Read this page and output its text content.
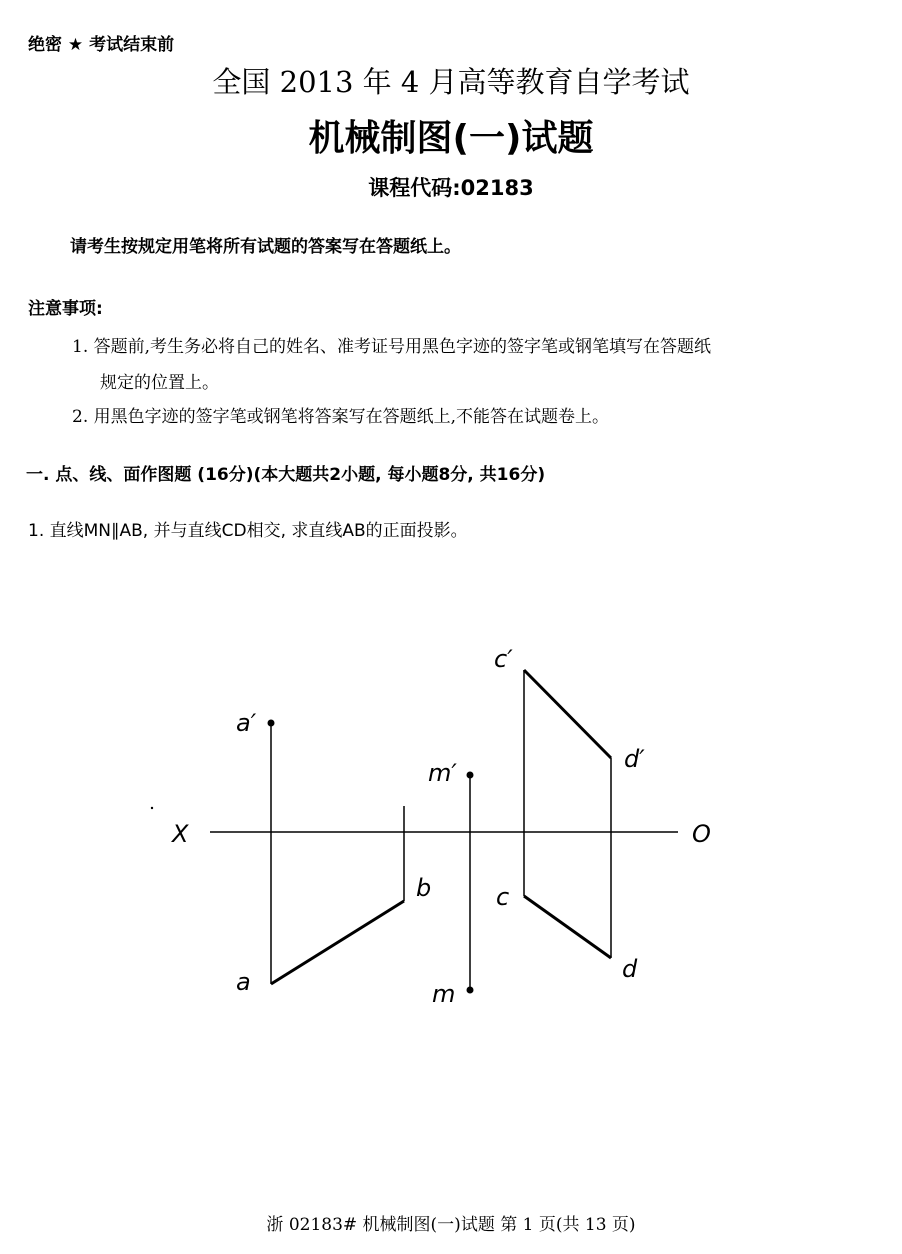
绝密 ★ 考试结束前
全国 2013 年 4 月高等教育自学考试
机械制图(一)试题
课程代码:02183
请考生按规定用笔将所有试题的答案写在答题纸上。
注意事项:
1. 答题前,考生务必将自己的姓名、准考证号用黑色字迹的签字笔或钢笔填写在答题纸
规定的位置上。
2. 用黑色字迹的签字笔或钢笔将答案写在答题纸上,不能答在试题卷上。
一. 点、线、面作图题 (16分)(本大题共2小题, 每小题8分, 共16分)
1. 直线MN∥AB, 并与直线CD相交, 求直线AB的正面投影。
X	O
a′
a
b
m′
m
c′
c
d′
d
浙 02183# 机械制图(一)试题 第 1 页(共 13 页)
